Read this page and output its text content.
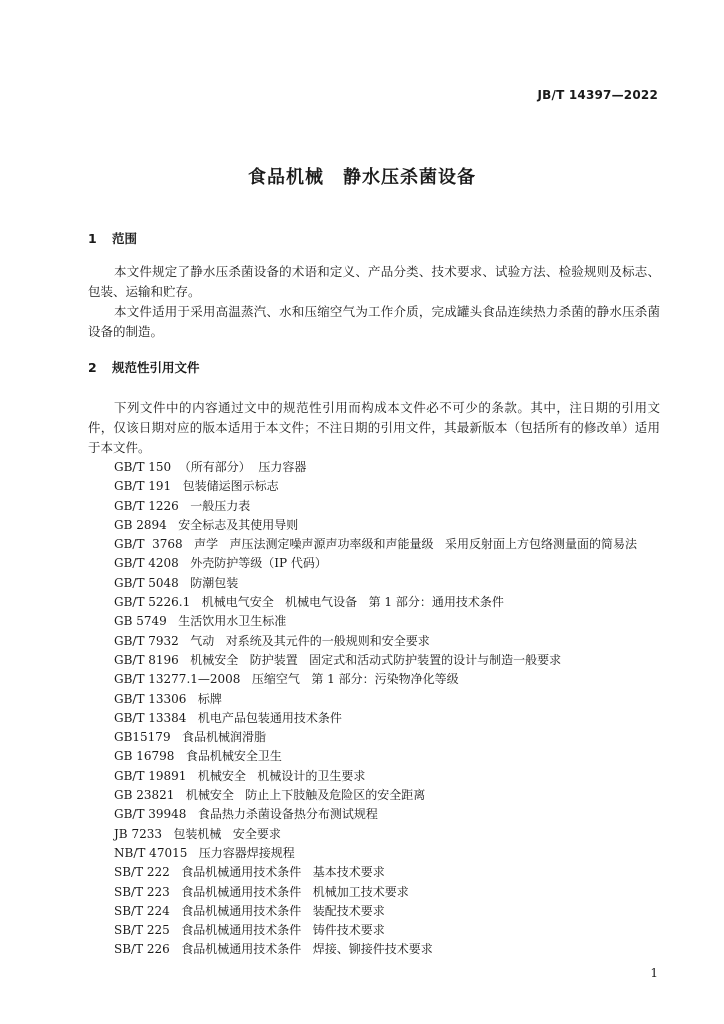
JB/T 14397—2022
食品机械　静水压杀菌设备
1 范围

本文件规定了静水压杀菌设备的术语和定义、产品分类、技术要求、试验方法、检验规则及标志、包装、运输和贮存。

本文件适用于采用高温蒸汽、水和压缩空气为工作介质，完成罐头食品连续热力杀菌的静水压杀菌设备的制造。

2 规范性引用文件

下列文件中的内容通过文中的规范性引用而构成本文件必不可少的条款。其中，注日期的引用文件，仅该日期对应的版本适用于本文件；不注日期的引用文件，其最新版本（包括所有的修改单）适用于本文件。

GB/T 150  （所有部分）  压力容器
GB/T 191   包装储运图示标志
GB/T 1226   一般压力表
GB 2894   安全标志及其使用导则
GB/T  3768   声学   声压法测定噪声源声功率级和声能量级   采用反射面上方包络测量面的简易法
GB/T 4208   外壳防护等级（IP 代码）
GB/T 5048   防潮包装
GB/T 5226.1   机械电气安全   机械电气设备   第 1 部分：通用技术条件
GB 5749   生活饮用水卫生标准
GB/T 7932   气动   对系统及其元件的一般规则和安全要求
GB/T 8196   机械安全   防护装置   固定式和活动式防护装置的设计与制造一般要求
GB/T 13277.1—2008   压缩空气   第 1 部分：污染物净化等级
GB/T 13306   标牌
GB/T 13384   机电产品包装通用技术条件
GB15179   食品机械润滑脂
GB 16798   食品机械安全卫生
GB/T 19891   机械安全   机械设计的卫生要求
GB 23821   机械安全   防止上下肢触及危险区的安全距离
GB/T 39948   食品热力杀菌设备热分布测试规程
JB 7233   包装机械   安全要求
NB/T 47015   压力容器焊接规程
SB/T 222   食品机械通用技术条件   基本技术要求
SB/T 223   食品机械通用技术条件   机械加工技术要求
SB/T 224   食品机械通用技术条件   装配技术要求
SB/T 225   食品机械通用技术条件   铸件技术要求
SB/T 226   食品机械通用技术条件   焊接、铆接件技术要求
1
